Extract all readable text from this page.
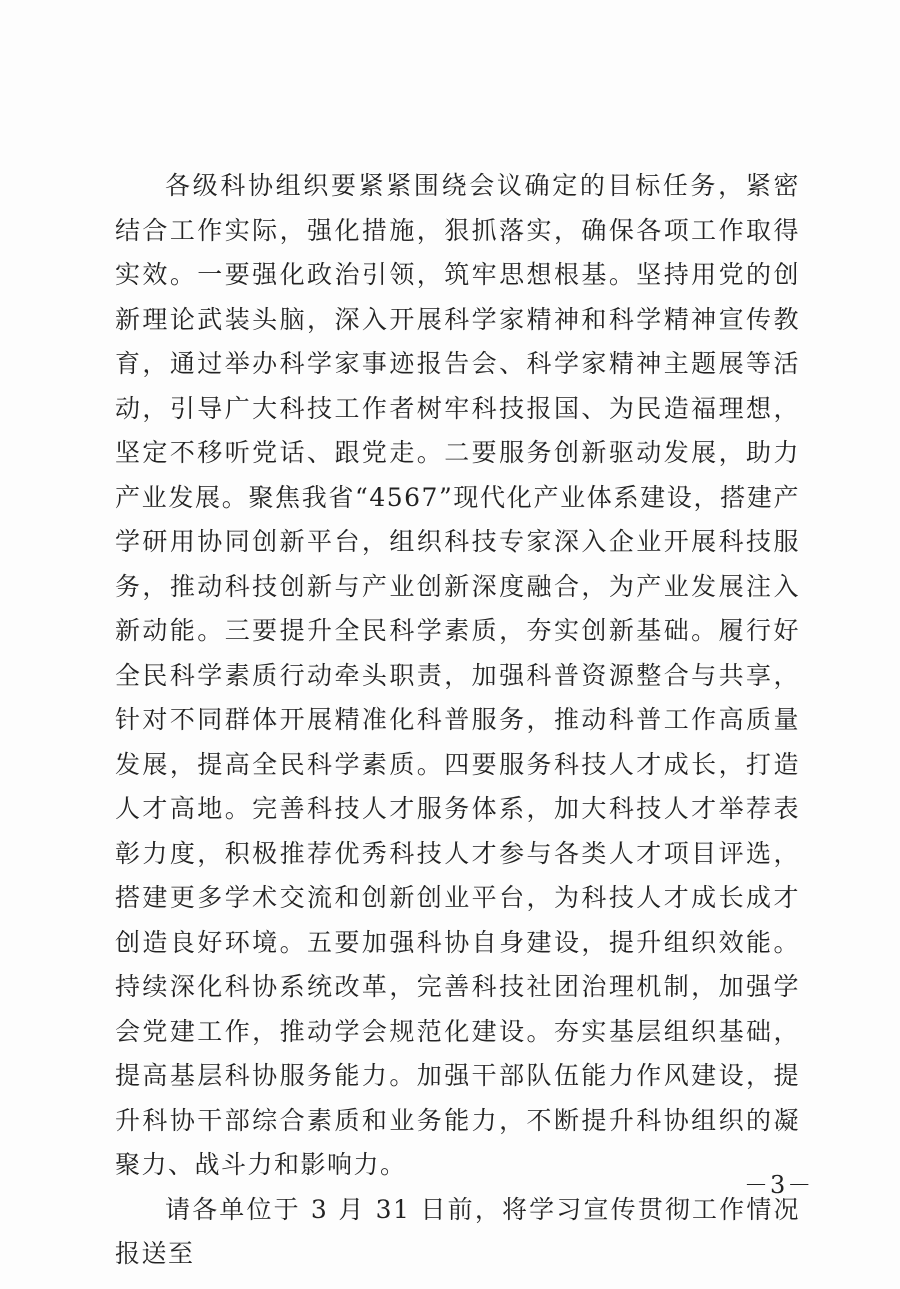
各级科协组织要紧紧围绕会议确定的目标任务，紧密结合工作实际，强化措施，狠抓落实，确保各项工作取得实效。一要强化政治引领，筑牢思想根基。坚持用党的创新理论武装头脑，深入开展科学家精神和科学精神宣传教育，通过举办科学家事迹报告会、科学家精神主题展等活动，引导广大科技工作者树牢科技报国、为民造福理想，坚定不移听党话、跟党走。二要服务创新驱动发展，助力产业发展。聚焦我省“4567”现代化产业体系建设，搭建产学研用协同创新平台，组织科技专家深入企业开展科技服务，推动科技创新与产业创新深度融合，为产业发展注入新动能。三要提升全民科学素质，夯实创新基础。履行好全民科学素质行动牵头职责，加强科普资源整合与共享，针对不同群体开展精准化科普服务，推动科普工作高质量发展，提高全民科学素质。四要服务科技人才成长，打造人才高地。完善科技人才服务体系，加大科技人才举荐表彰力度，积极推荐优秀科技人才参与各类人才项目评选，搭建更多学术交流和创新创业平台，为科技人才成长成才创造良好环境。五要加强科协自身建设，提升组织效能。持续深化科协系统改革，完善科技社团治理机制，加强学会党建工作，推动学会规范化建设。夯实基层组织基础，提高基层科协服务能力。加强干部队伍能力作风建设，提升科协干部综合素质和业务能力，不断提升科协组织的凝聚力、战斗力和影响力。

请各单位于 3 月 31 日前，将学习宣传贯彻工作情况报送至

－3－
